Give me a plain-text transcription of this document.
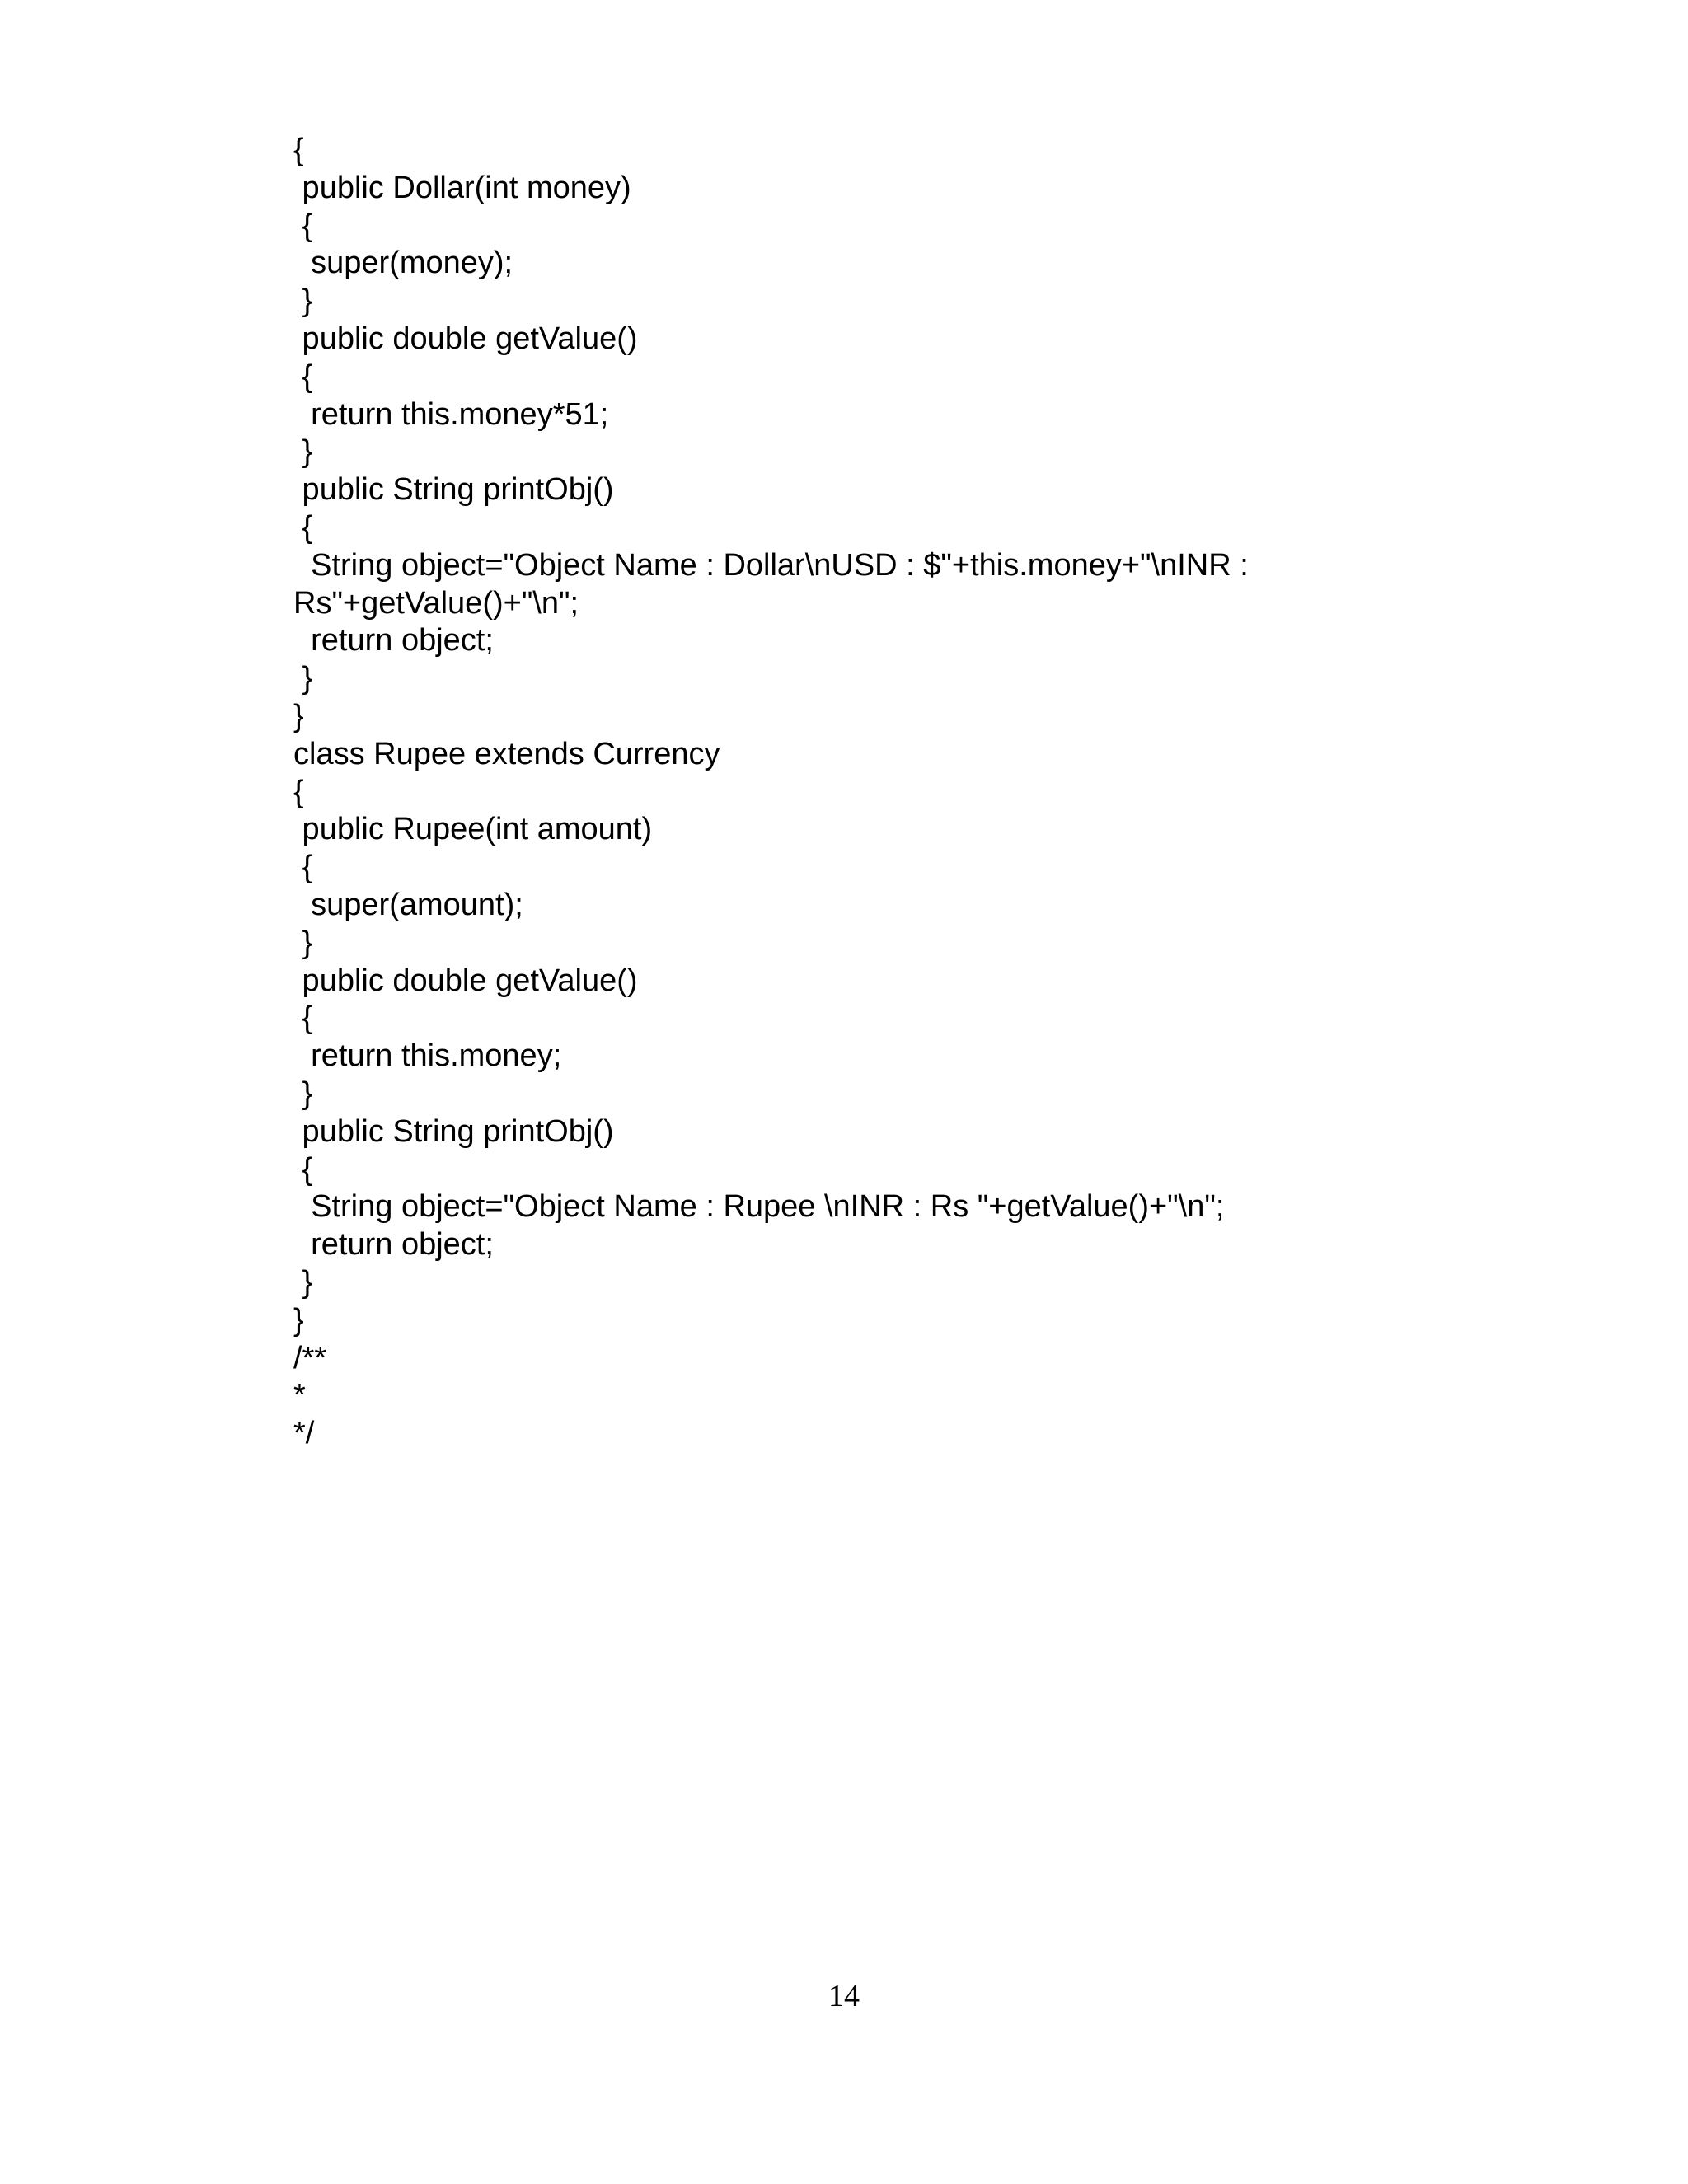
{
public Dollar(int money)
{
super(money);
}
public double getValue()
{
return this.money*51;
}
public String printObj()
{
String object="Object Name : Dollar\nUSD : $"+this.money+"\nINR :
Rs"+getValue()+"\n";
return object;
}
}
class Rupee extends Currency
{
public Rupee(int amount)
{
super(amount);
}
public double getValue()
{
return this.money;
}
public String printObj()
{
String object="Object Name : Rupee \nINR : Rs "+getValue()+"\n";
return object;
}
}
/**
*
*/
14
